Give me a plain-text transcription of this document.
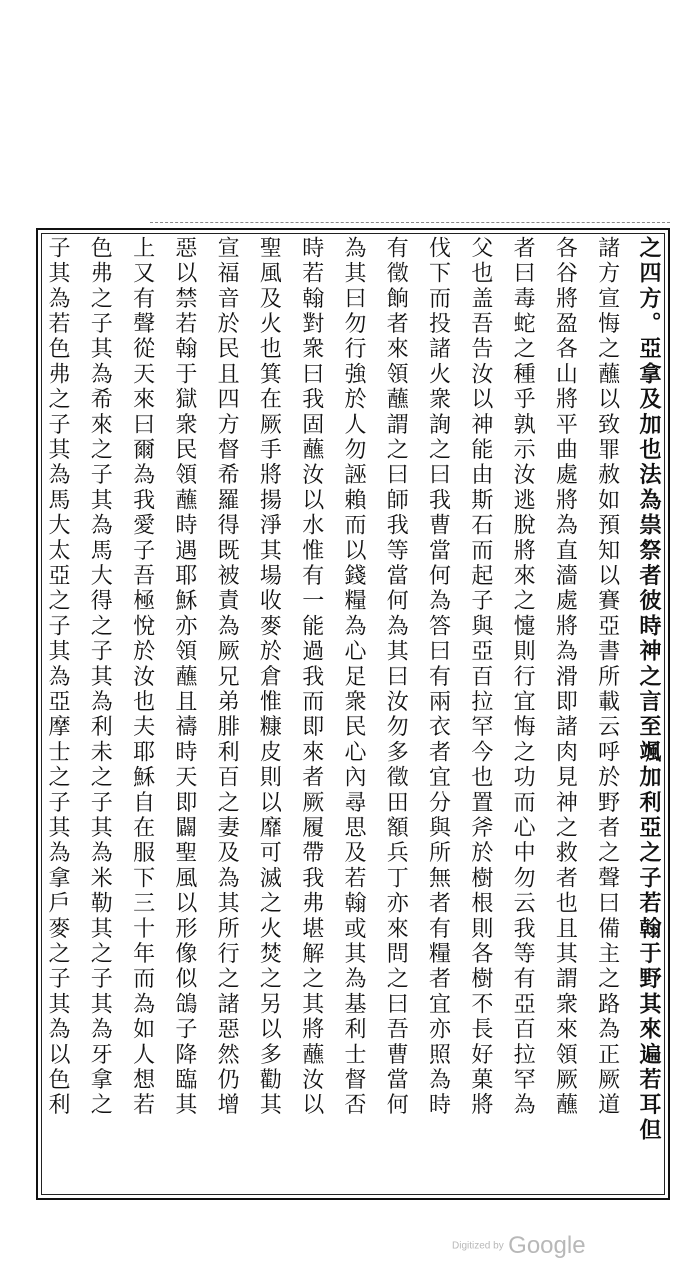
之四方。亞拿及加也法為祟祭者彼時神之言至颯加利亞之子若翰于野其來遍若耳但
諸方宣悔之蘸以致罪赦如預知以賽亞書所載云呼於野者之聲曰備主之路為正厥道
各谷將盈各山將平曲處將為直濇處將為滑即諸肉見神之救者也且其謂衆來領厥蘸
者曰毒蛇之種乎孰示汝逃脫將來之懥則行宜悔之功而心中勿云我等有亞百拉罕為
父也盖吾告汝以神能由斯石而起子與亞百拉罕今也置斧於樹根則各樹不長好菓將
伐下而投諸火衆詢之曰我曹當何為答曰有兩衣者宜分與所無者有糧者宜亦照為時
有徵餉者來領蘸謂之曰師我等當何為其曰汝勿多徵田額兵丁亦來問之曰吾曹當何
為其曰勿行強於人勿誣賴而以錢糧為心足衆民心內尋思及若翰或其為基利士督否
時若翰對衆曰我固蘸汝以水惟有一能過我而即來者厥履帶我弗堪解之其將蘸汝以
聖風及火也箕在厥手將揚淨其場收麥於倉惟糠皮則以靡可滅之火焚之另以多勸其
宣福音於民且四方督希羅得既被責為厥兄弟腓利百之妻及為其所行之諸惡然仍增
惡以禁若翰于獄衆民領蘸時遇耶穌亦領蘸且禱時天即闢聖風以形像似鴿子降臨其
上又有聲從天來曰爾為我愛子吾極悅於汝也夫耶穌自在服下三十年而為如人想若
色弗之子其為希來之子其為馬大得之子其為利未之子其為米勒其之子其為牙拿之
子其為若色弗之子其為馬大太亞之子其為亞摩士之子其為拿戶麥之子其為以色利
Digitized by Google
